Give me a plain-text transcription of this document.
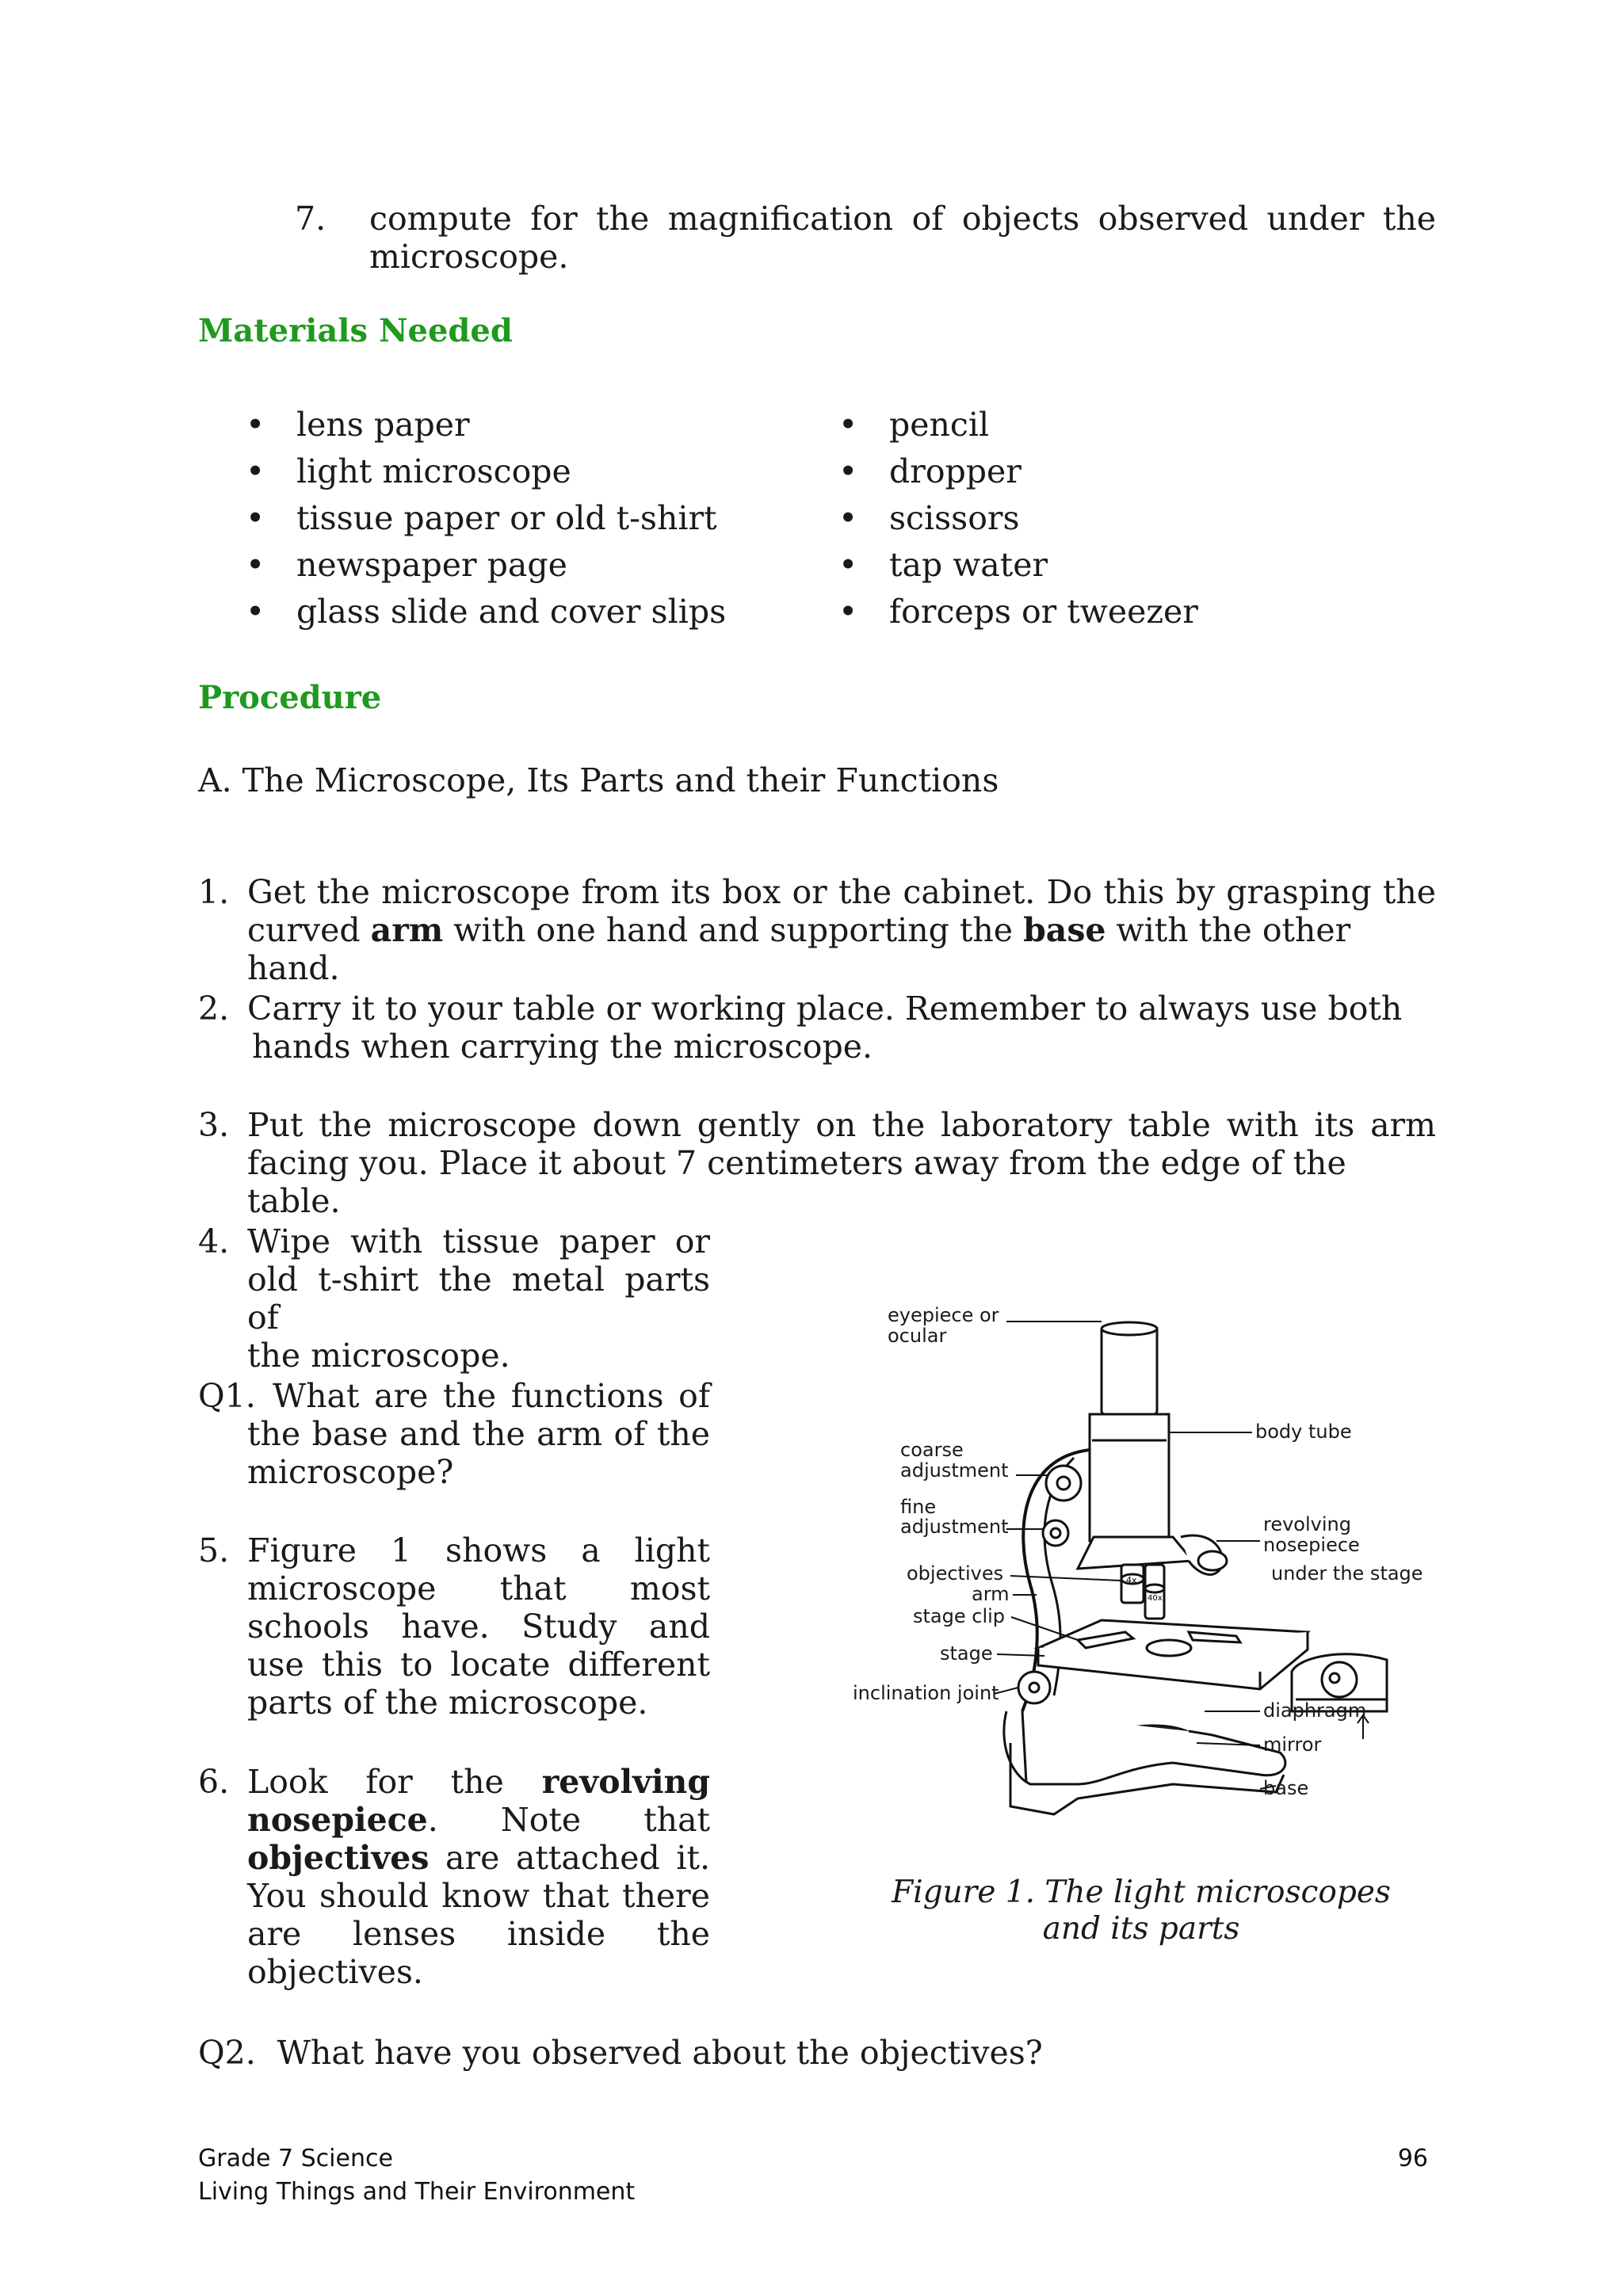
7. compute for the magnification of objects observed under the
microscope.
Materials Needed
• lens paper
• light microscope
• tissue paper or old t-shirt
• newspaper page
• glass slide and cover slips
• pencil
• dropper
• scissors
• tap water
• forceps or tweezer
Procedure
A. The Microscope, Its Parts and their Functions
1. Get the microscope from its box or the cabinet. Do this by grasping the
curved arm with one hand and supporting the base with the other hand.
2. Carry it to your table or working place. Remember to always use both
hands when carrying the microscope.
3. Put the microscope down gently on the laboratory table with its arm
facing you. Place it about 7 centimeters away from the edge of the table.
4. Wipe with tissue paper or
old t-shirt the metal parts of
the microscope.
Q1. What are the functions of
the base and the arm of the
microscope?
5. Figure 1 shows a light
microscope that most
schools have. Study and
use this to locate different
parts of the microscope.
6. Look for the revolving
nosepiece. Note that
objectives are attached it.
You should know that there
are lenses inside the
objectives.
Q2. What have you observed about the objectives?
eyepiece or
ocular
body tube
coarse
adjustment
fine
adjustment	revolving
nosepiece
objectives	under the stage
arm
stage clip
stage
inclination joint
diaphragm
mirror
base
4x
40x
Figure 1. The light microscopes
and its parts
Grade 7 Science
Living Things and Their Environment
96
